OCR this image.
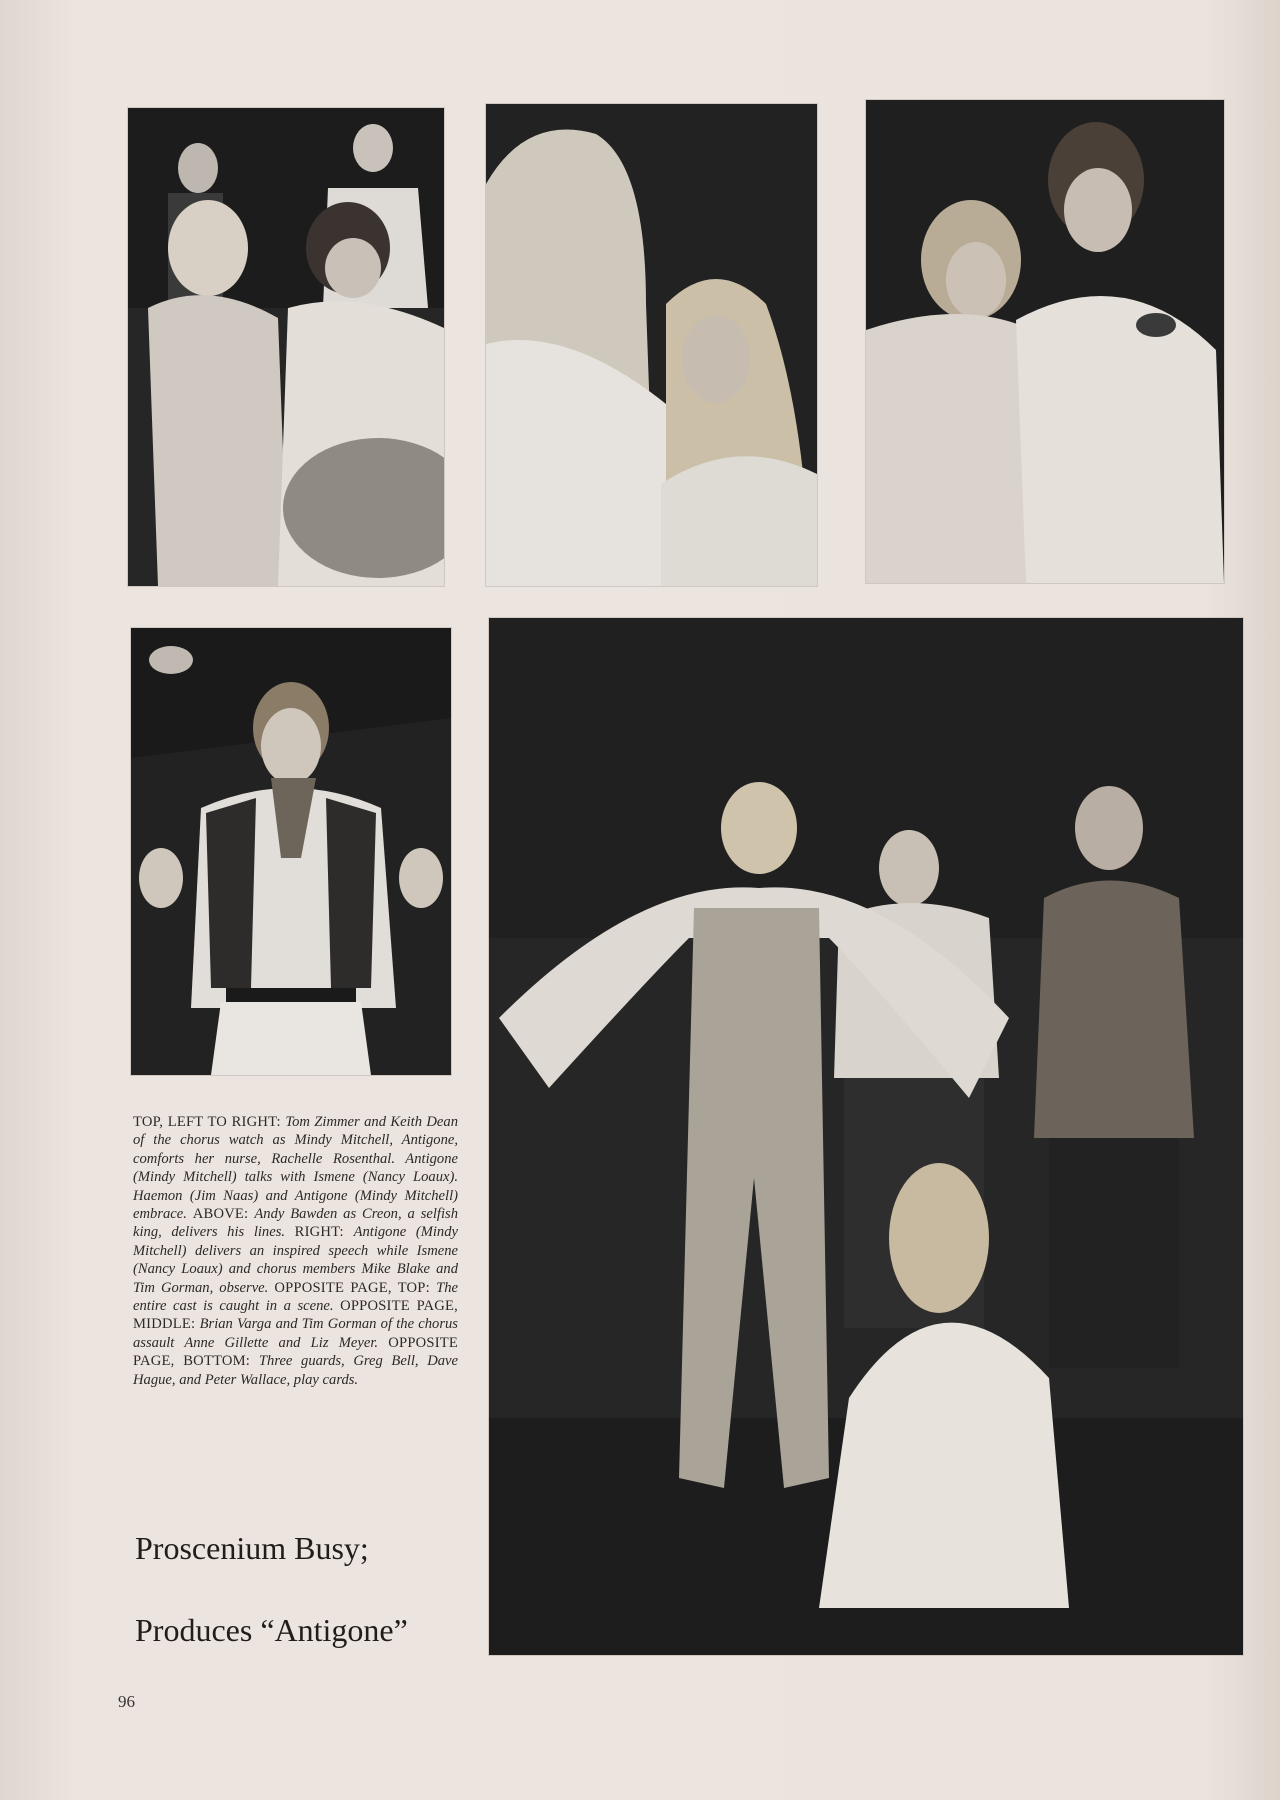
TOP, LEFT TO RIGHT: Tom Zimmer and Keith Dean of the chorus watch as Mindy Mitchell, Antigone, comforts her nurse, Rachelle Rosenthal. Antigone (Mindy Mitchell) talks with Ismene (Nancy Loaux). Haemon (Jim Naas) and Antigone (Mindy Mitchell) embrace. ABOVE: Andy Bawden as Creon, a selfish king, delivers his lines. RIGHT: Antigone (Mindy Mitchell) delivers an inspired speech while Ismene (Nancy Loaux) and chorus members Mike Blake and Tim Gorman, observe. OPPOSITE PAGE, TOP: The entire cast is caught in a scene. OPPOSITE PAGE, MIDDLE: Brian Varga and Tim Gorman of the chorus assault Anne Gillette and Liz Meyer. OPPOSITE PAGE, BOTTOM: Three guards, Greg Bell, Dave Hague, and Peter Wallace, play cards.
Proscenium Busy;
Produces “Antigone”
96
